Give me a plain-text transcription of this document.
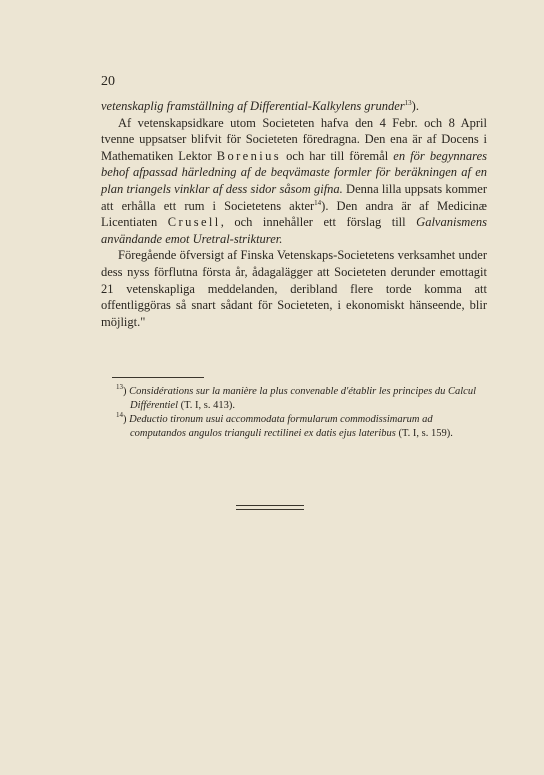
20

vetenskaplig framställning af Differential-Kalkylens grunder$^{13}$).

Af vetenskapsidkare utom Societeten hafva den 4 Febr. och 8 April tvenne uppsatser blifvit för Societeten föredragna. Den ena är af Docens i Mathematiken Lektor Borenius och har till föremål en för begynnares behof afpassad härledning af de beqvämaste formler för beräkningen af en plan triangels vinklar af dess sidor såsom gifna. Denna lilla uppsats kommer att erhålla ett rum i Societetens akter$^{14}$). Den andra är af Medicinæ Licentiaten Crusell, och innehåller ett förslag till Galvanismens användande emot Uretral-strikturer.

Föregående öfversigt af Finska Vetenskaps-Societetens verksamhet under dess nyss förflutna första år, ådagalägger att Societeten derunder emottagit 21 vetenskapliga meddelanden, deribland flere torde komma att offentliggöras så snart sådant för Societeten, i ekonomiskt hänseende, blir möjligt."

$^{13}$) Considérations sur la manière la plus convenable d'établir les principes du Calcul Différentiel (T. I, s. 413).

$^{14}$) Deductio tironum usui accommodata formularum commodissimarum ad computandos angulos trianguli rectilinei ex datis ejus lateribus (T. I, s. 159).
